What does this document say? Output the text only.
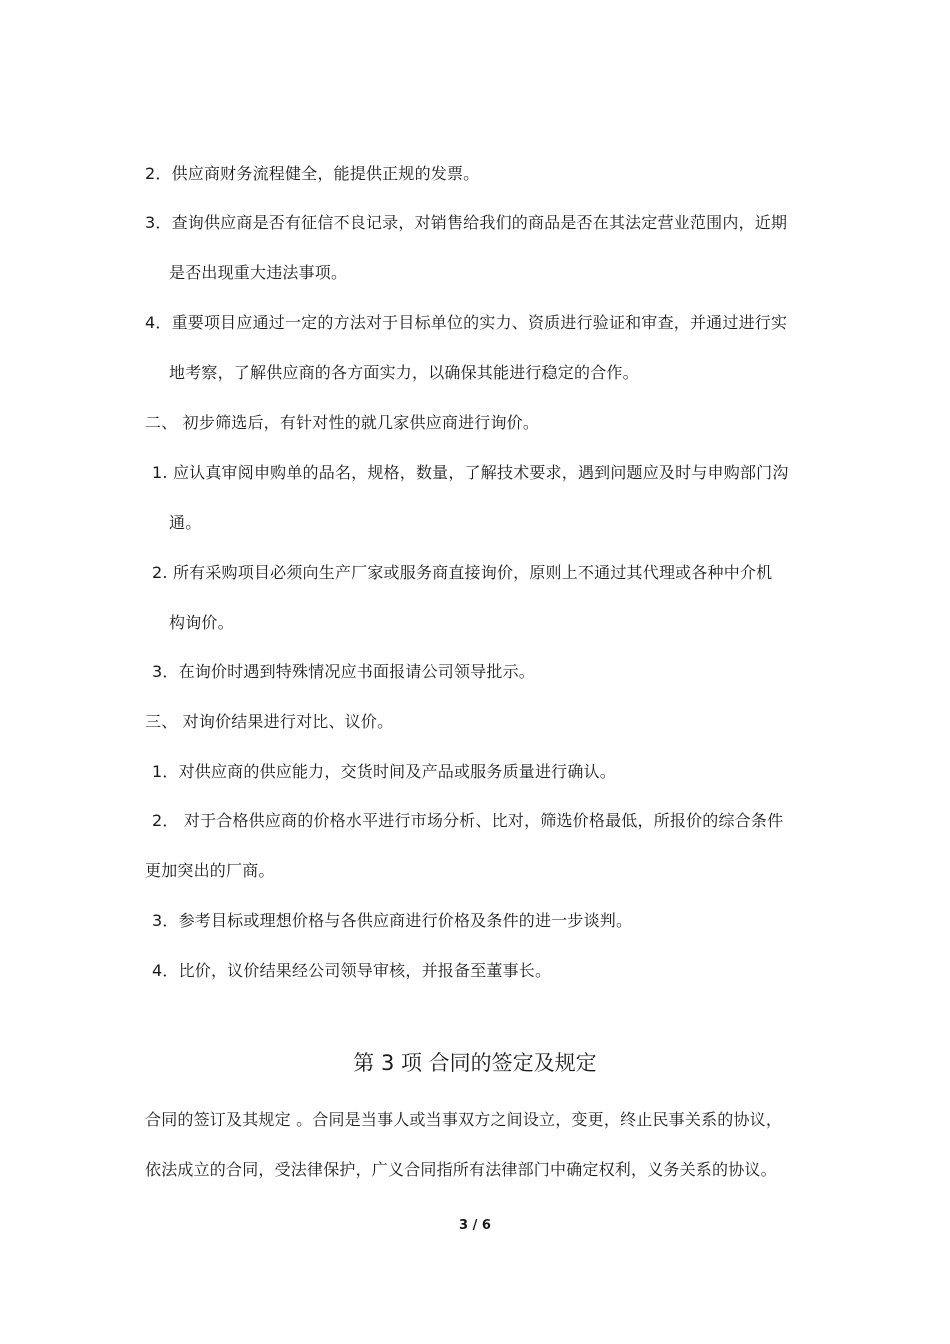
2．供应商财务流程健全，能提供正规的发票。
3．查询供应商是否有征信不良记录，对销售给我们的商品是否在其法定营业范围内，近期
是否出现重大违法事项。
4．重要项目应通过一定的方法对于目标单位的实力、资质进行验证和审查，并通过进行实
地考察，了解供应商的各方面实力，以确保其能进行稳定的合作。
二、 初步筛选后，有针对性的就几家供应商进行询价。
1. 应认真审阅申购单的品名，规格，数量，了解技术要求，遇到问题应及时与申购部门沟
通。
2. 所有采购项目必须向生产厂家或服务商直接询价，原则上不通过其代理或各种中介机
构询价。
3．在询价时遇到特殊情况应书面报请公司领导批示。
三、 对询价结果进行对比、议价。
1．对供应商的供应能力，交货时间及产品或服务质量进行确认。
2． 对于合格供应商的价格水平进行市场分析、比对，筛选价格最低，所报价的综合条件
更加突出的厂商。
3．参考目标或理想价格与各供应商进行价格及条件的进一步谈判。
4．比价，议价结果经公司领导审核，并报备至董事长。
第 3 项 合同的签定及规定
合同的签订及其规定 。合同是当事人或当事双方之间设立，变更，终止民事关系的协议，
依法成立的合同，受法律保护，广义合同指所有法律部门中确定权利，义务关系的协议。
3 / 6
